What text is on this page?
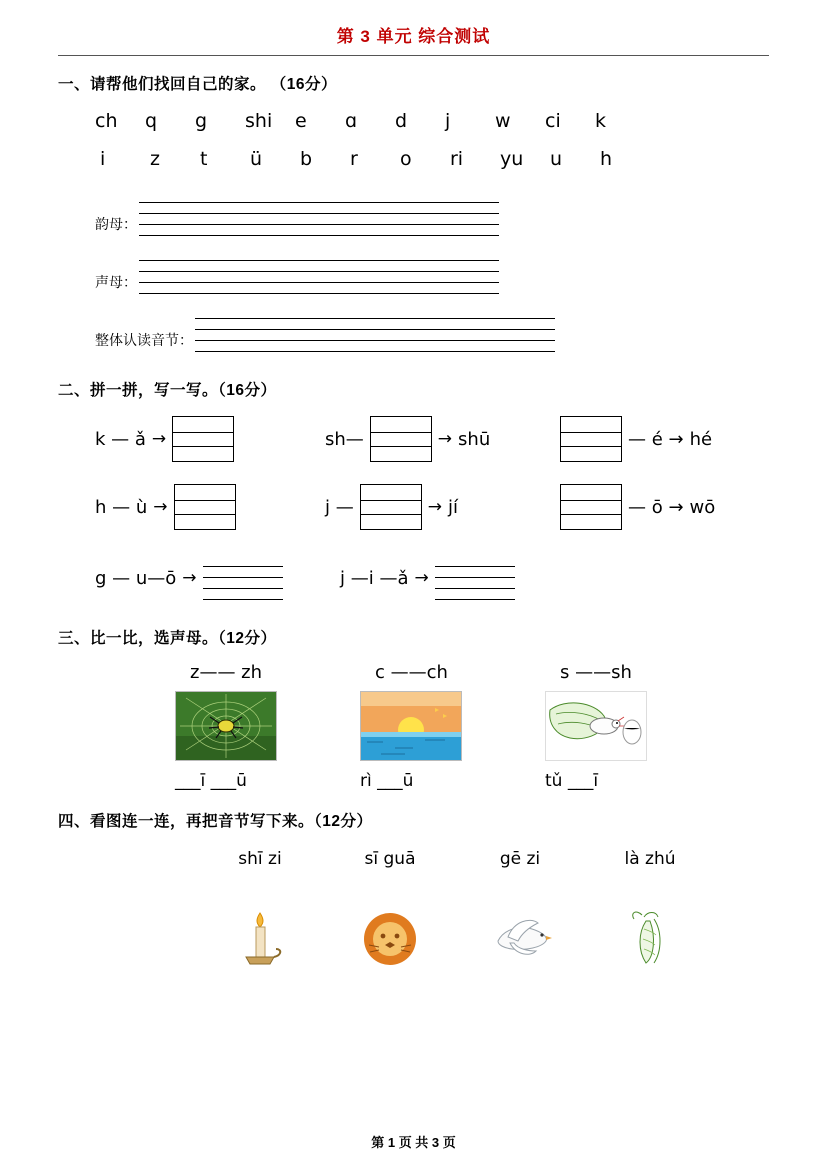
第 3 单元 综合测试
一、请帮他们找回自己的家。 （16分）
ch	q	g	shi	e	ɑ	d	j	w	ci	k
i	z	t	ü	b	r	o	ri	yu	u	h
韵母：
声母：
整体认读音节：
二、拼一拼，写一写。（16分）
k — ǎ →	sh—	→ shū	— é → hé
h — ù →	j —	→ jí	— ō → wō
g — u—ō →	j —i —ǎ →
三、比一比，选声母。（12分）
z—— zh	c ——ch	s ——sh
___ī ___ū	rì ___ū	tǔ ___ī
四、看图连一连，再把音节写下来。（12分）
shī zi	sī guā	gē zi	là zhú
第 1 页 共 3 页
